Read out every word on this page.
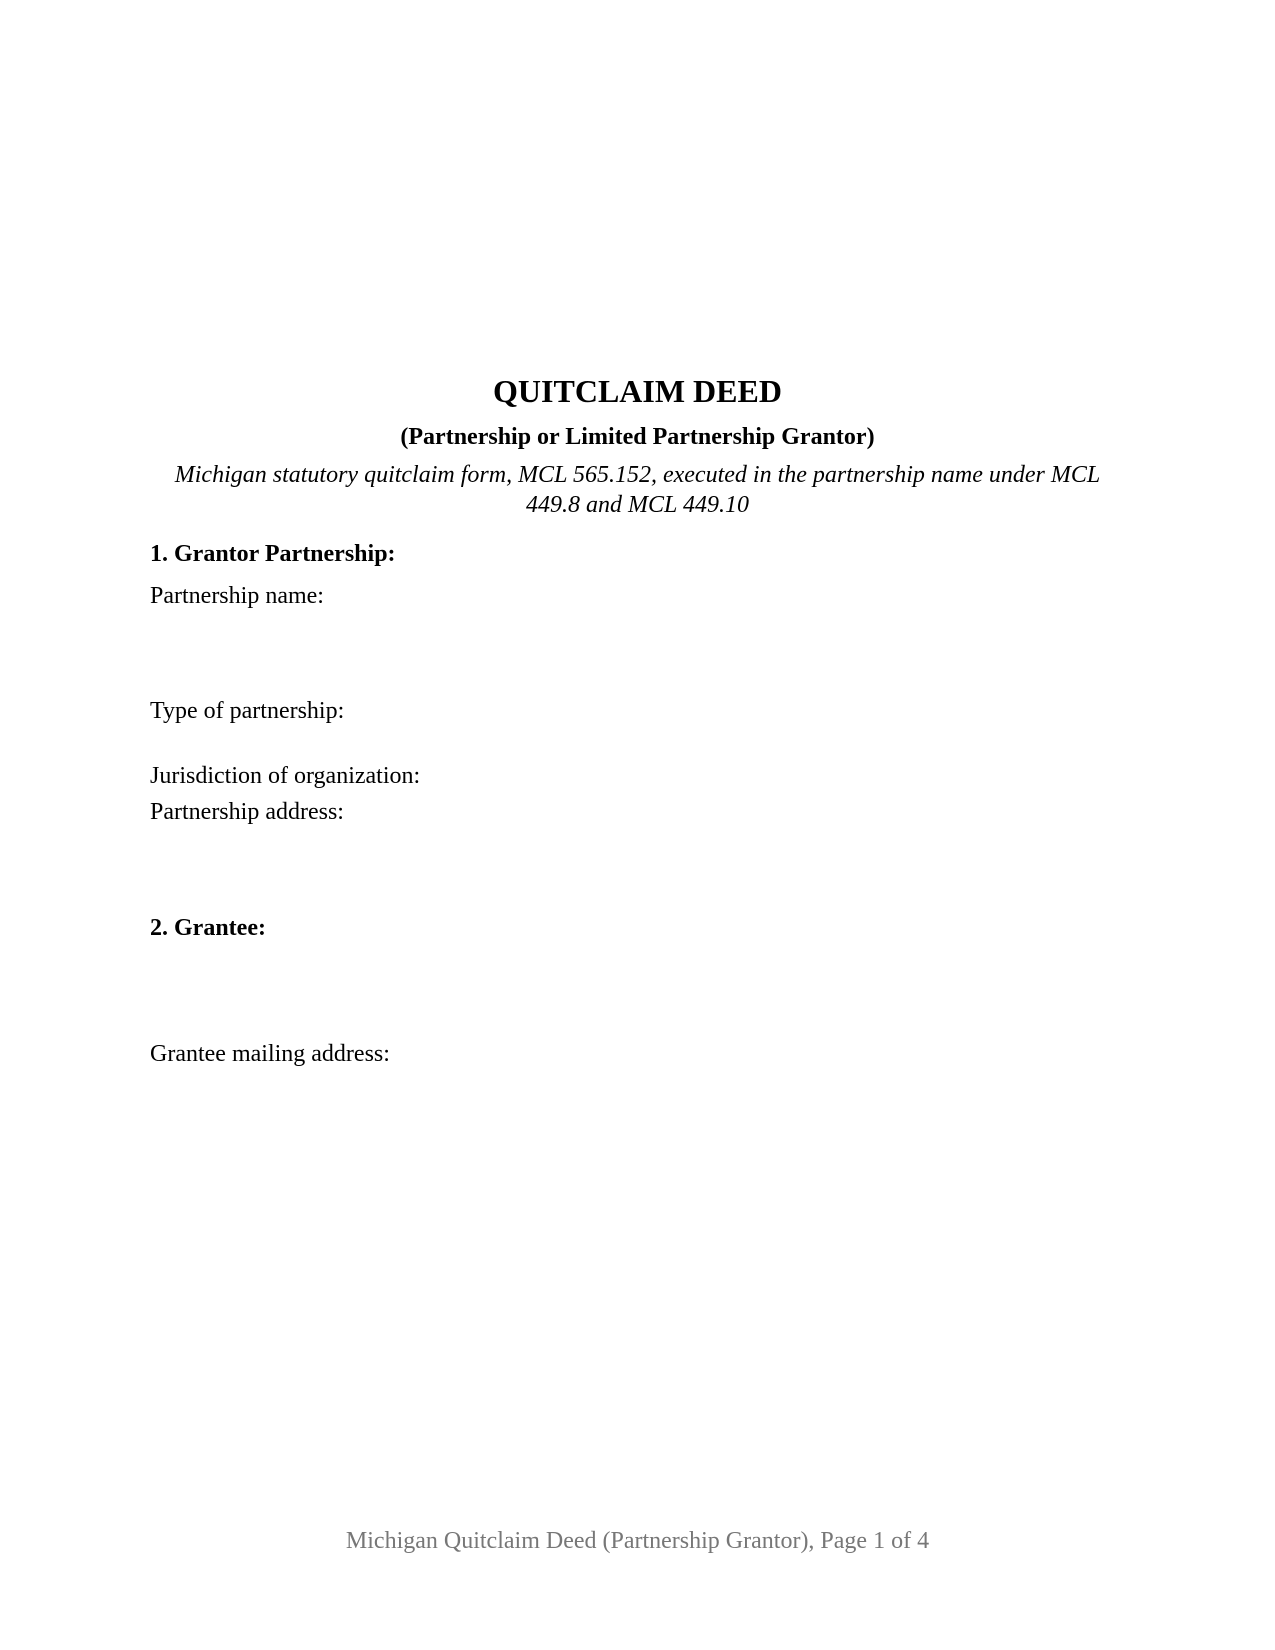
QUITCLAIM DEED
(Partnership or Limited Partnership Grantor)
Michigan statutory quitclaim form, MCL 565.152, executed in the partnership name under MCL 449.8 and MCL 449.10
1. Grantor Partnership:
Partnership name:
Type of partnership:
Jurisdiction of organization:
Partnership address:
2. Grantee:
Grantee mailing address:
Michigan Quitclaim Deed (Partnership Grantor), Page 1 of 4
